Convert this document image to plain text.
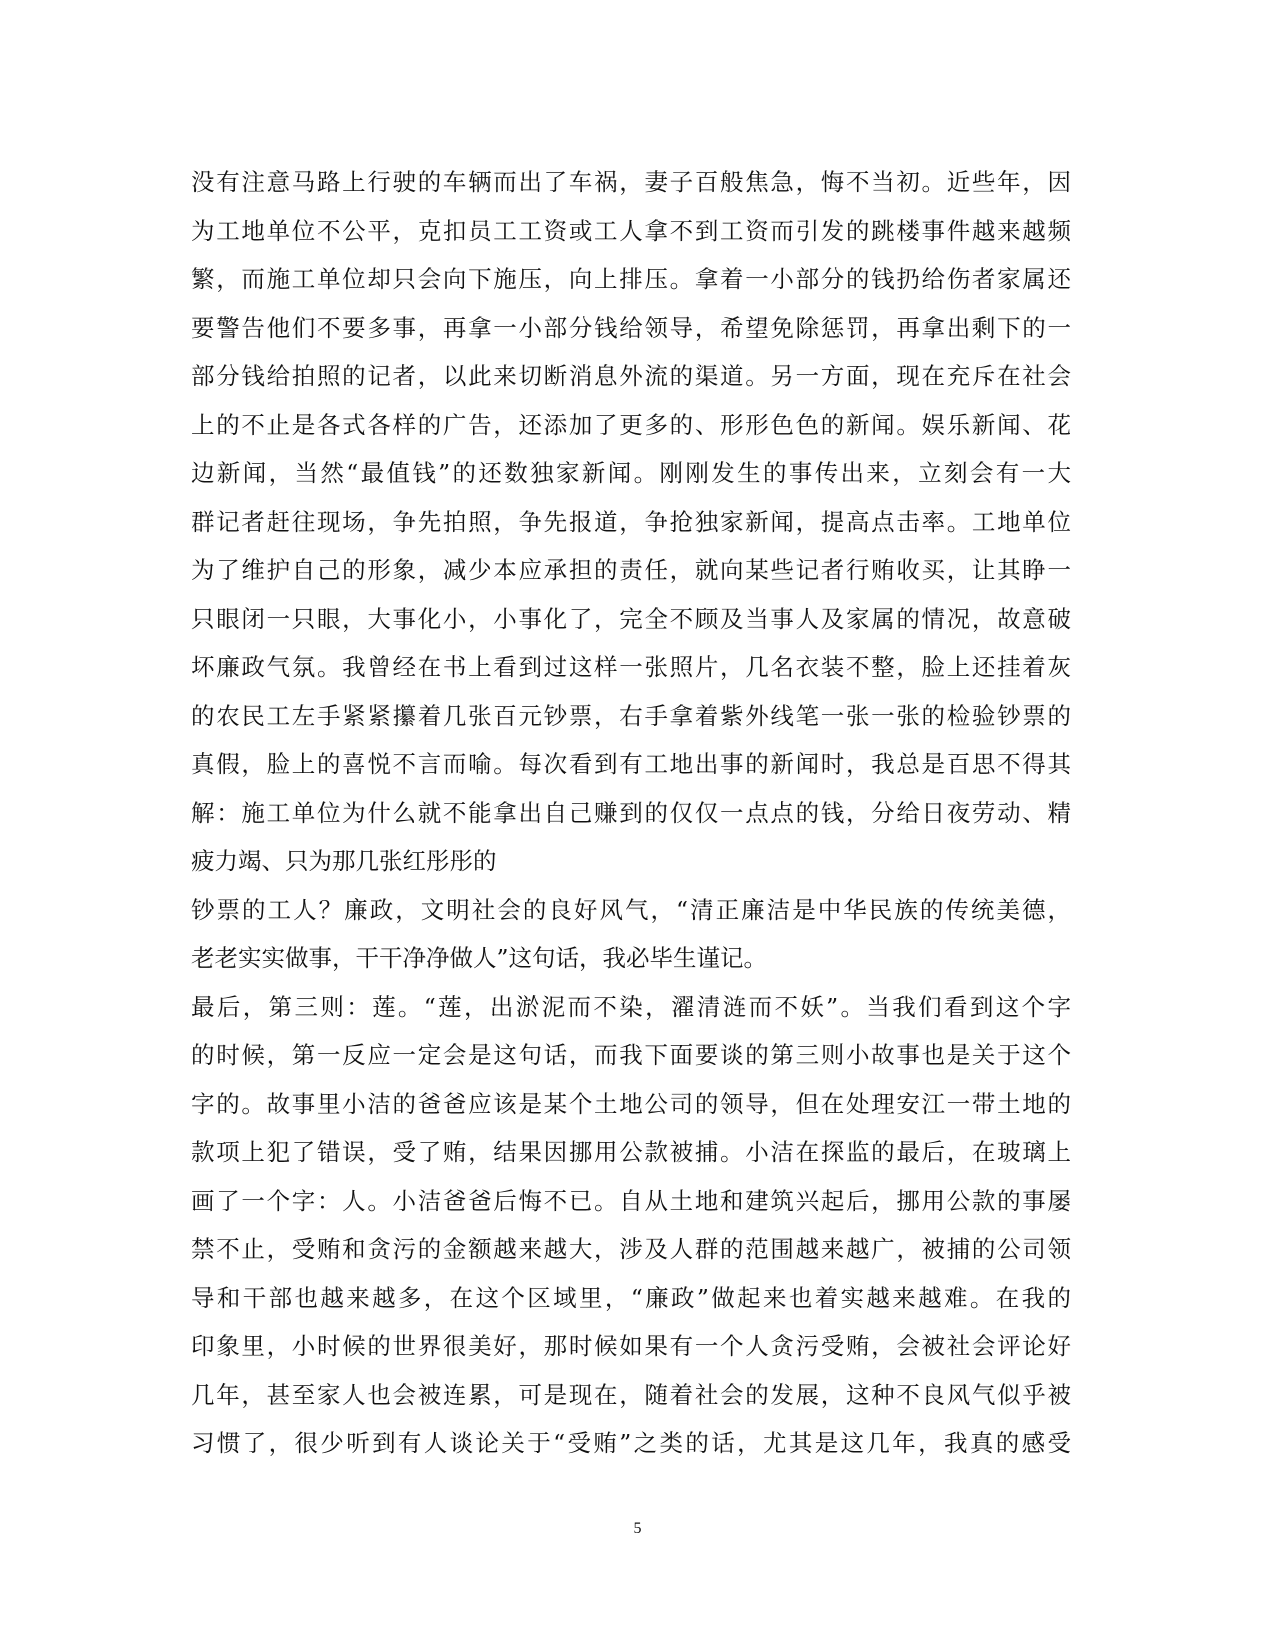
没有注意马路上行驶的车辆而出了车祸，妻子百般焦急，悔不当初。近些年，因
为工地单位不公平，克扣员工工资或工人拿不到工资而引发的跳楼事件越来越频
繁，而施工单位却只会向下施压，向上排压。拿着一小部分的钱扔给伤者家属还
要警告他们不要多事，再拿一小部分钱给领导，希望免除惩罚，再拿出剩下的一
部分钱给拍照的记者，以此来切断消息外流的渠道。另一方面，现在充斥在社会
上的不止是各式各样的广告，还添加了更多的、形形色色的新闻。娱乐新闻、花
边新闻，当然“最值钱”的还数独家新闻。刚刚发生的事传出来，立刻会有一大
群记者赶往现场，争先拍照，争先报道，争抢独家新闻，提高点击率。工地单位
为了维护自己的形象，减少本应承担的责任，就向某些记者行贿收买，让其睁一
只眼闭一只眼，大事化小，小事化了，完全不顾及当事人及家属的情况，故意破
坏廉政气氛。我曾经在书上看到过这样一张照片，几名衣装不整，脸上还挂着灰
的农民工左手紧紧攥着几张百元钞票，右手拿着紫外线笔一张一张的检验钞票的
真假，脸上的喜悦不言而喻。每次看到有工地出事的新闻时，我总是百思不得其
解：施工单位为什么就不能拿出自己赚到的仅仅一点点的钱，分给日夜劳动、精
疲力竭、只为那几张红彤彤的
钞票的工人？廉政，文明社会的良好风气，“清正廉洁是中华民族的传统美德，
老老实实做事，干干净净做人”这句话，我必毕生谨记。
最后，第三则：莲。“莲，出淤泥而不染，濯清涟而不妖”。当我们看到这个字
的时候，第一反应一定会是这句话，而我下面要谈的第三则小故事也是关于这个
字的。故事里小洁的爸爸应该是某个土地公司的领导，但在处理安江一带土地的
款项上犯了错误，受了贿，结果因挪用公款被捕。小洁在探监的最后，在玻璃上
画了一个字：人。小洁爸爸后悔不已。自从土地和建筑兴起后，挪用公款的事屡
禁不止，受贿和贪污的金额越来越大，涉及人群的范围越来越广，被捕的公司领
导和干部也越来越多，在这个区域里，“廉政”做起来也着实越来越难。在我的
印象里，小时候的世界很美好，那时候如果有一个人贪污受贿，会被社会评论好
几年，甚至家人也会被连累，可是现在，随着社会的发展，这种不良风气似乎被
习惯了，很少听到有人谈论关于“受贿”之类的话，尤其是这几年，我真的感受
5
